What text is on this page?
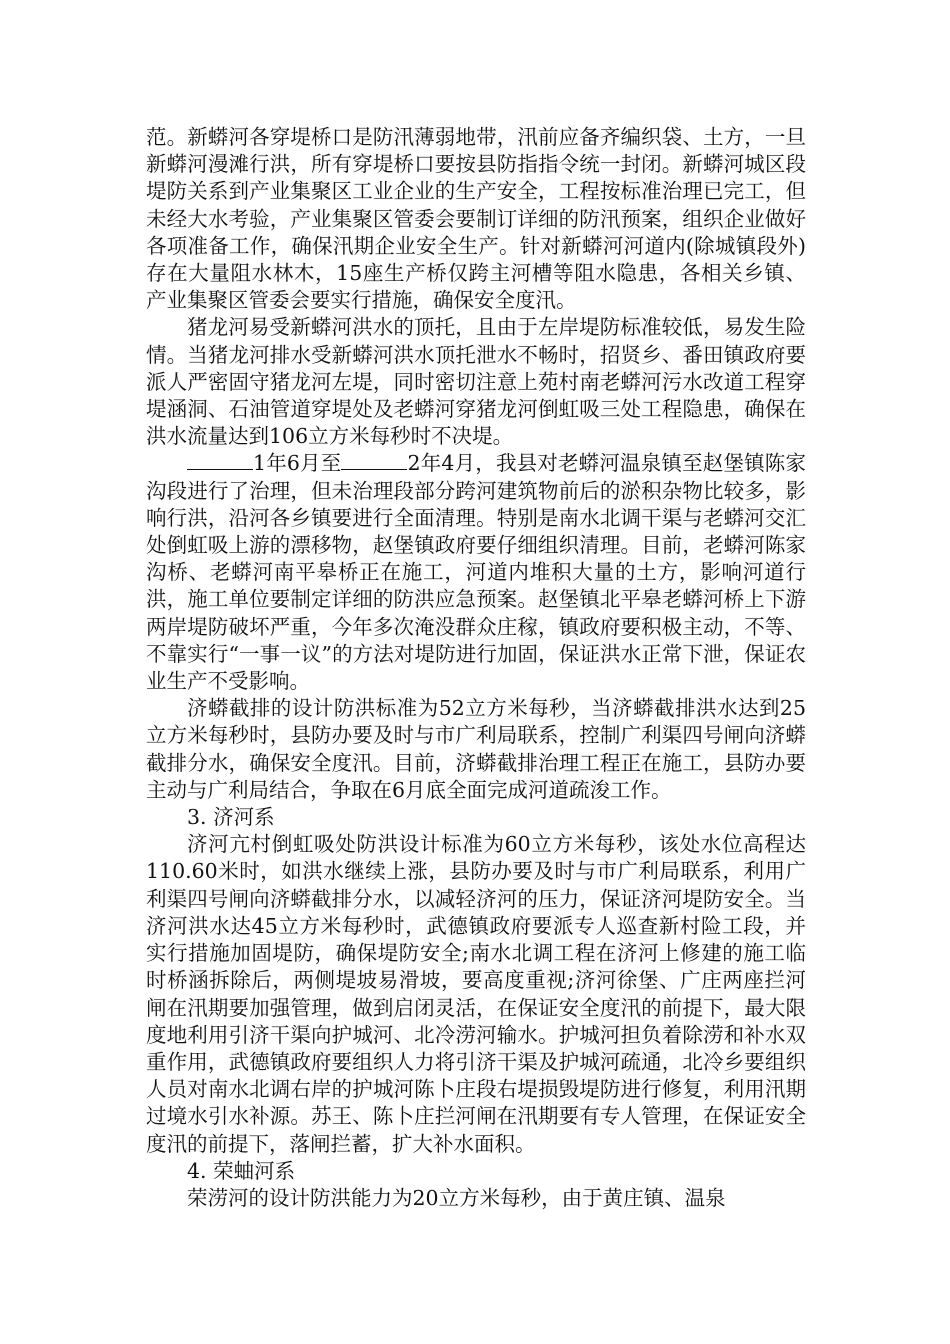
范。新蟒河各穿堤桥口是防汛薄弱地带，汛前应备齐编织袋、土方，一旦新蟒河漫滩行洪，所有穿堤桥口要按县防指指令统一封闭。新蟒河城区段堤防关系到产业集聚区工业企业的生产安全，工程按标准治理已完工，但未经大水考验，产业集聚区管委会要制订详细的防汛预案，组织企业做好各项准备工作，确保汛期企业安全生产。针对新蟒河河道内(除城镇段外)存在大量阻水林木，15座生产桥仅跨主河槽等阻水隐患，各相关乡镇、产业集聚区管委会要实行措施，确保安全度汛。

猪龙河易受新蟒河洪水的顶托，且由于左岸堤防标准较低，易发生险情。当猪龙河排水受新蟒河洪水顶托泄水不畅时，招贤乡、番田镇政府要派人严密固守猪龙河左堤，同时密切注意上苑村南老蟒河污水改道工程穿堤涵洞、石油管道穿堤处及老蟒河穿猪龙河倒虹吸三处工程隐患，确保在洪水流量达到106立方米每秒时不决堤。

1年6月至	2年4月，我县对老蟒河温泉镇至赵堡镇陈家沟段进行了治理，但未治理段部分跨河建筑物前后的淤积杂物比较多，影响行洪，沿河各乡镇要进行全面清理。特别是南水北调干渠与老蟒河交汇处倒虹吸上游的漂移物，赵堡镇政府要仔细组织清理。目前，老蟒河陈家沟桥、老蟒河南平皋桥正在施工，河道内堆积大量的土方，影响河道行洪，施工单位要制定详细的防洪应急预案。赵堡镇北平皋老蟒河桥上下游两岸堤防破坏严重，今年多次淹没群众庄稼，镇政府要积极主动，不等、不靠实行“一事一议”的方法对堤防进行加固，保证洪水正常下泄，保证农业生产不受影响。

济蟒截排的设计防洪标准为52立方米每秒，当济蟒截排洪水达到25立方米每秒时，县防办要及时与市广利局联系，控制广利渠四号闸向济蟒截排分水，确保安全度汛。目前，济蟒截排治理工程正在施工，县防办要主动与广利局结合，争取在6月底全面完成河道疏浚工作。

3. 济河系

济河亢村倒虹吸处防洪设计标准为60立方米每秒，该处水位高程达110.60米时，如洪水继续上涨，县防办要及时与市广利局联系，利用广利渠四号闸向济蟒截排分水，以减轻济河的压力，保证济河堤防安全。当济河洪水达45立方米每秒时，武德镇政府要派专人巡查新村险工段，并实行措施加固堤防，确保堤防安全;南水北调工程在济河上修建的施工临时桥涵拆除后，两侧堤坡易滑坡，要高度重视;济河徐堡、广庄两座拦河闸在汛期要加强管理，做到启闭灵活，在保证安全度汛的前提下，最大限度地利用引济干渠向护城河、北冷涝河输水。护城河担负着除涝和补水双重作用，武德镇政府要组织人力将引济干渠及护城河疏通，北冷乡要组织人员对南水北调右岸的护城河陈卜庄段右堤损毁堤防进行修复，利用汛期过境水引水补源。苏王、陈卜庄拦河闸在汛期要有专人管理，在保证安全度汛的前提下，落闸拦蓄，扩大补水面积。

4. 荣蚰河系

荣涝河的设计防洪能力为20立方米每秒，由于黄庄镇、温泉
